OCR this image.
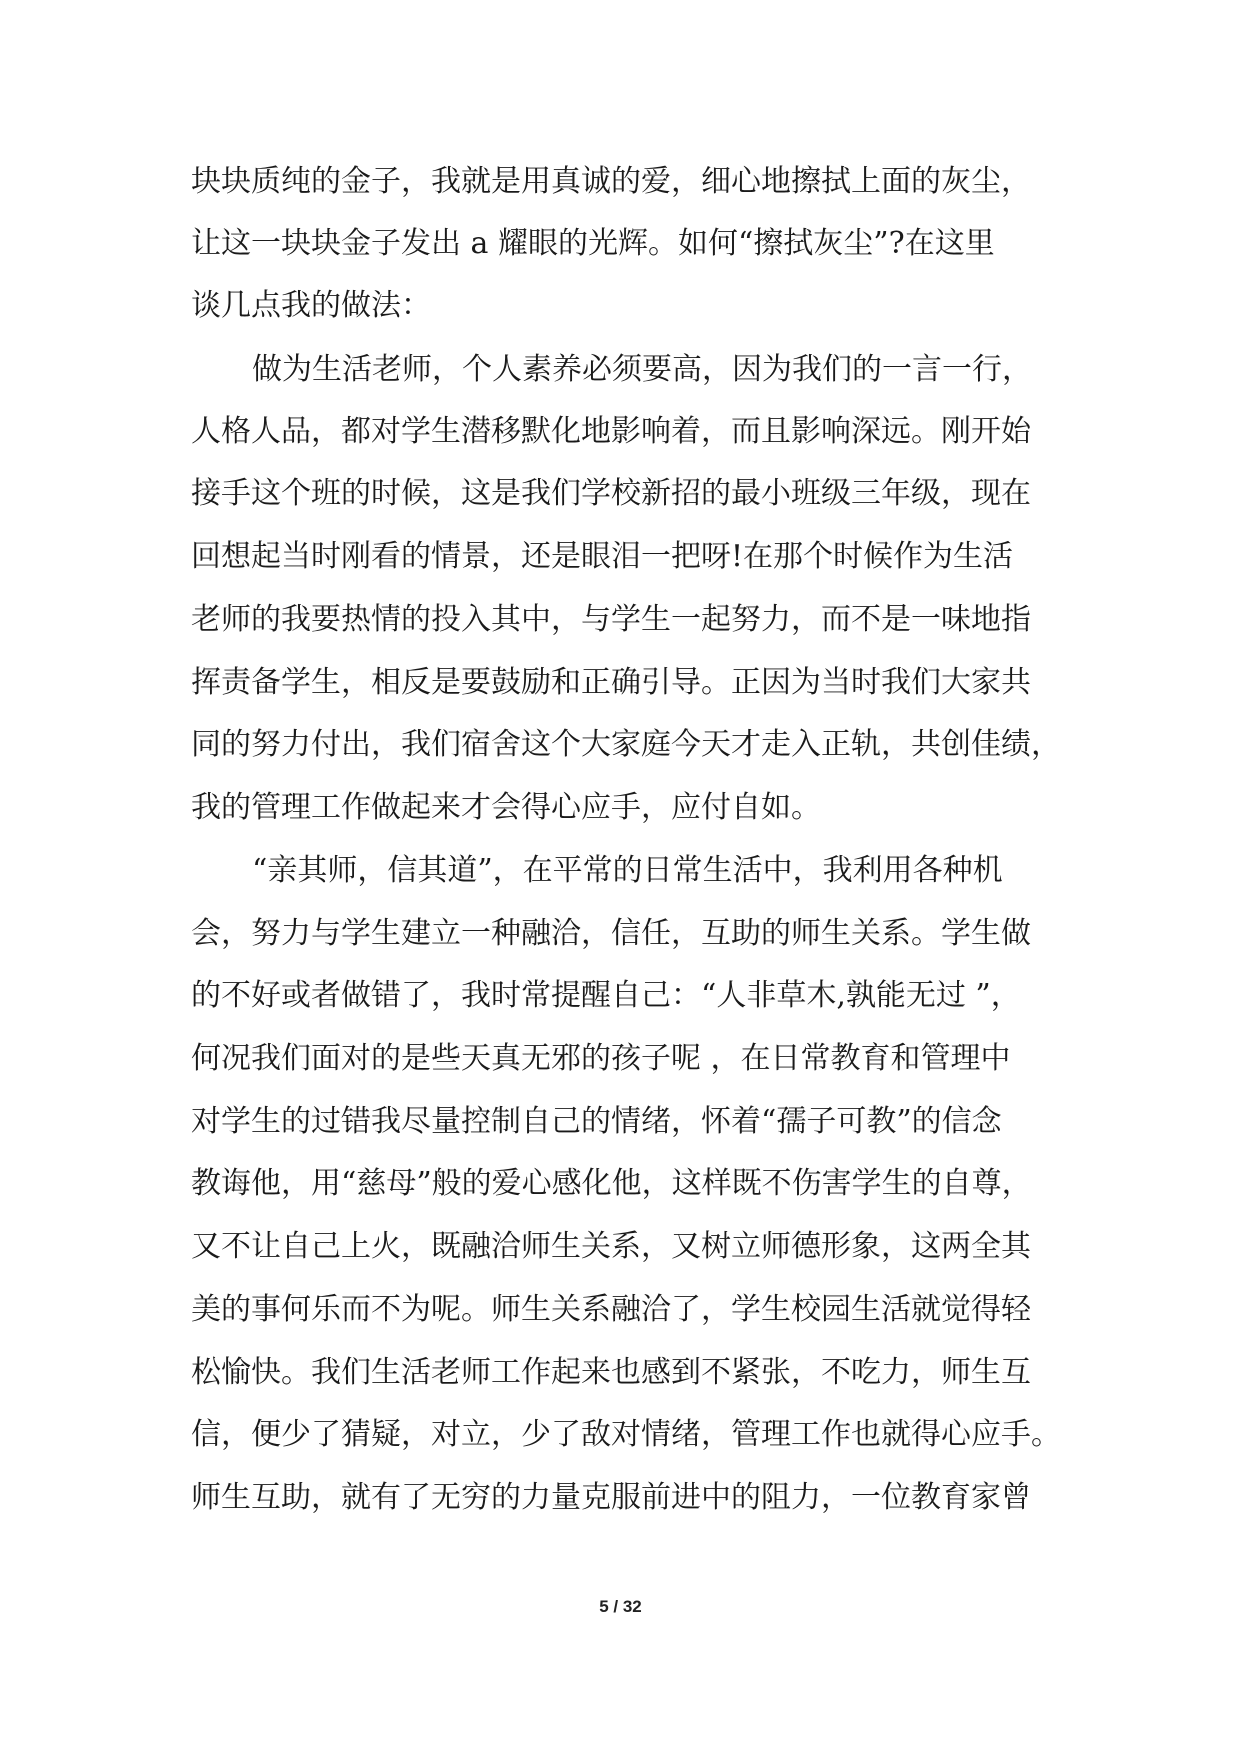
块块质纯的金子，我就是用真诚的爱，细心地擦拭上面的灰尘，
让这一块块金子发出 a 耀眼的光辉。如何“擦拭灰尘”?在这里
谈几点我的做法：
做为生活老师，个人素养必须要高，因为我们的一言一行，
人格人品，都对学生潜移默化地影响着，而且影响深远。刚开始
接手这个班的时候，这是我们学校新招的最小班级三年级，现在
回想起当时刚看的情景，还是眼泪一把呀!在那个时候作为生活
老师的我要热情的投入其中，与学生一起努力，而不是一味地指
挥责备学生，相反是要鼓励和正确引导。正因为当时我们大家共
同的努力付出，我们宿舍这个大家庭今天才走入正轨，共创佳绩，
我的管理工作做起来才会得心应手，应付自如。
“亲其师，信其道”，在平常的日常生活中，我利用各种机
会，努力与学生建立一种融洽，信任，互助的师生关系。学生做
的不好或者做错了，我时常提醒自己：“人非草木,孰能无过 ”，
何况我们面对的是些天真无邪的孩子呢 ，在日常教育和管理中
对学生的过错我尽量控制自己的情绪，怀着“孺子可教”的信念
教诲他，用“慈母”般的爱心感化他，这样既不伤害学生的自尊，
又不让自己上火，既融洽师生关系，又树立师德形象，这两全其
美的事何乐而不为呢。师生关系融洽了，学生校园生活就觉得轻
松愉快。我们生活老师工作起来也感到不紧张，不吃力，师生互
信，便少了猜疑，对立，少了敌对情绪，管理工作也就得心应手。
师生互助，就有了无穷的力量克服前进中的阻力，一位教育家曾
5 / 32
